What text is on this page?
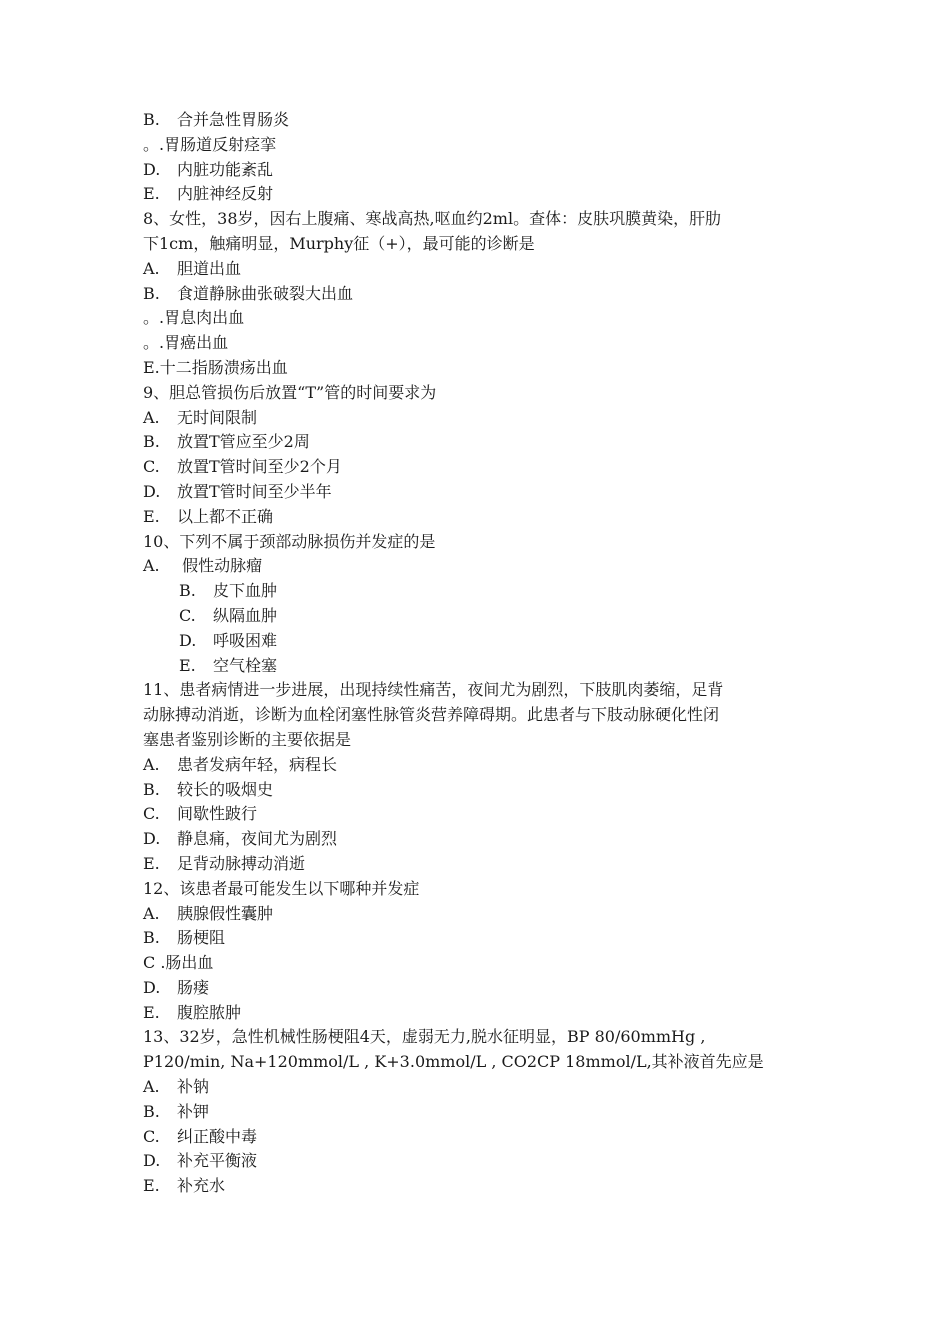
B. 合并急性胃肠炎
。.胃肠道反射痉挛
D. 内脏功能紊乱
E. 内脏神经反射
8、女性，38岁，因右上腹痛、寒战高热,呕血约2ml。查体：皮肤巩膜黄染，肝肋
下1cm，触痛明显，Murphy征（+），最可能的诊断是
A. 胆道出血
B. 食道静脉曲张破裂大出血
。.胃息肉出血
。.胃癌出血
E.十二指肠溃疡出血
9、胆总管损伤后放置“T”管的时间要求为
A. 无时间限制
B. 放置T管应至少2周
C. 放置T管时间至少2个月
D. 放置T管时间至少半年
E. 以上都不正确
10、下列不属于颈部动脉损伤并发症的是
A. 假性动脉瘤
B. 皮下血肿
C. 纵隔血肿
D. 呼吸困难
E. 空气栓塞
11、患者病情进一步进展，出现持续性痛苦，夜间尤为剧烈，下肢肌肉萎缩，足背
动脉搏动消逝，诊断为血栓闭塞性脉管炎营养障碍期。此患者与下肢动脉硬化性闭
塞患者鉴别诊断的主要依据是
A. 患者发病年轻，病程长
B. 较长的吸烟史
C. 间歇性跛行
D. 静息痛，夜间尤为剧烈
E. 足背动脉搏动消逝
12、该患者最可能发生以下哪种并发症
A. 胰腺假性囊肿
B. 肠梗阻
C .肠出血
D. 肠瘘
E. 腹腔脓肿
13、32岁，急性机械性肠梗阻4天，虚弱无力,脱水征明显，BP 80/60mmHg ,
P120/min, Na+120mmol/L , K+3.0mmol/L , CO2CP 18mmol/L,其补液首先应是
A. 补钠
B. 补钾
C. 纠正酸中毒
D. 补充平衡液
E. 补充水
